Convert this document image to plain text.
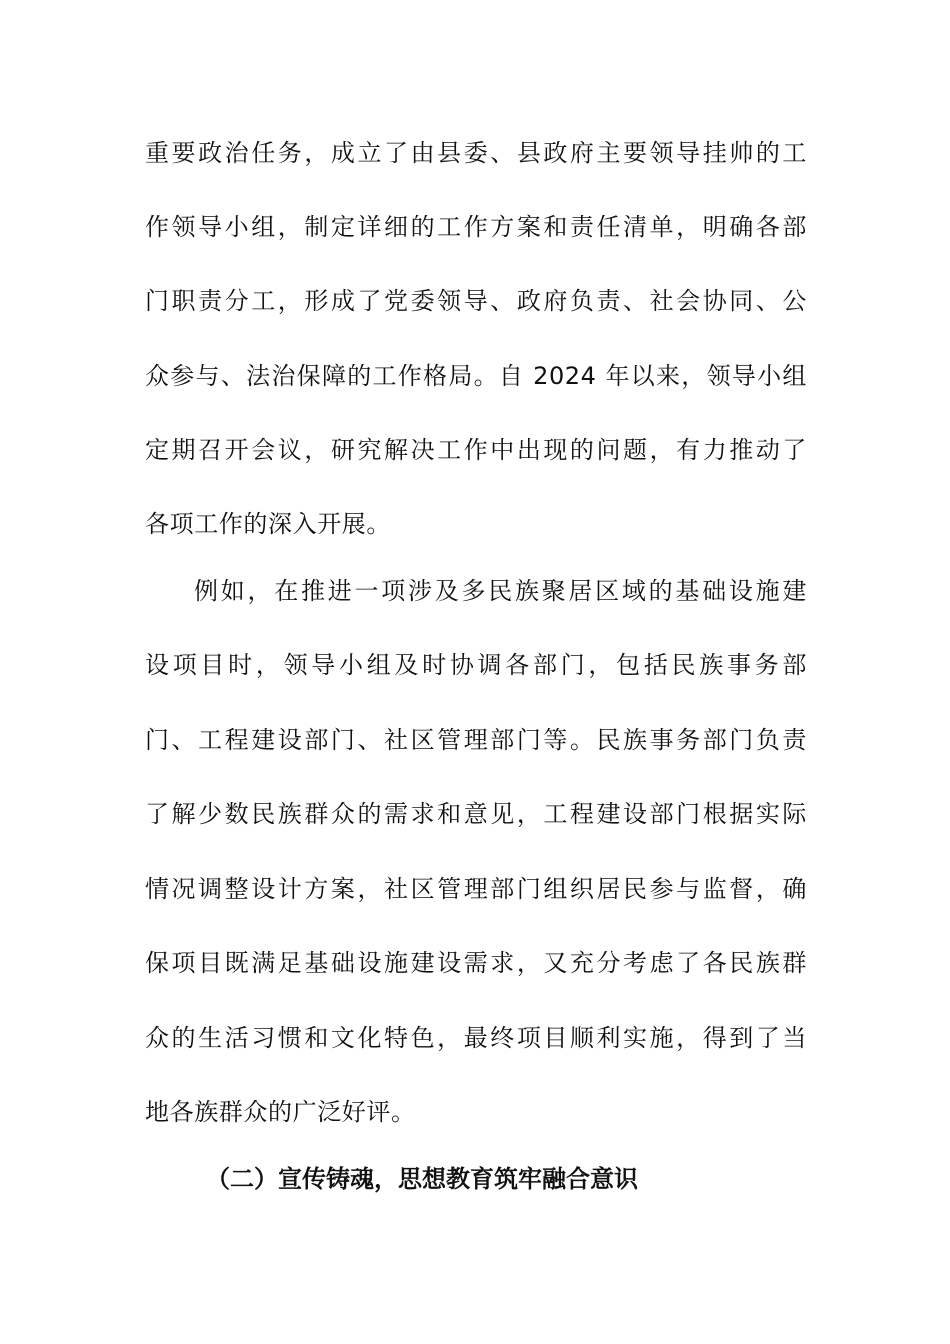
重要政治任务，成立了由县委、县政府主要领导挂帅的工
作领导小组，制定详细的工作方案和责任清单，明确各部
门职责分工，形成了党委领导、政府负责、社会协同、公
众参与、法治保障的工作格局。自 2024 年以来，领导小组
定期召开会议，研究解决工作中出现的问题，有力推动了
各项工作的深入开展。
例如，在推进一项涉及多民族聚居区域的基础设施建
设项目时，领导小组及时协调各部门，包括民族事务部
门、工程建设部门、社区管理部门等。民族事务部门负责
了解少数民族群众的需求和意见，工程建设部门根据实际
情况调整设计方案，社区管理部门组织居民参与监督，确
保项目既满足基础设施建设需求，又充分考虑了各民族群
众的生活习惯和文化特色，最终项目顺利实施，得到了当
地各族群众的广泛好评。
（二）宣传铸魂，思想教育筑牢融合意识
